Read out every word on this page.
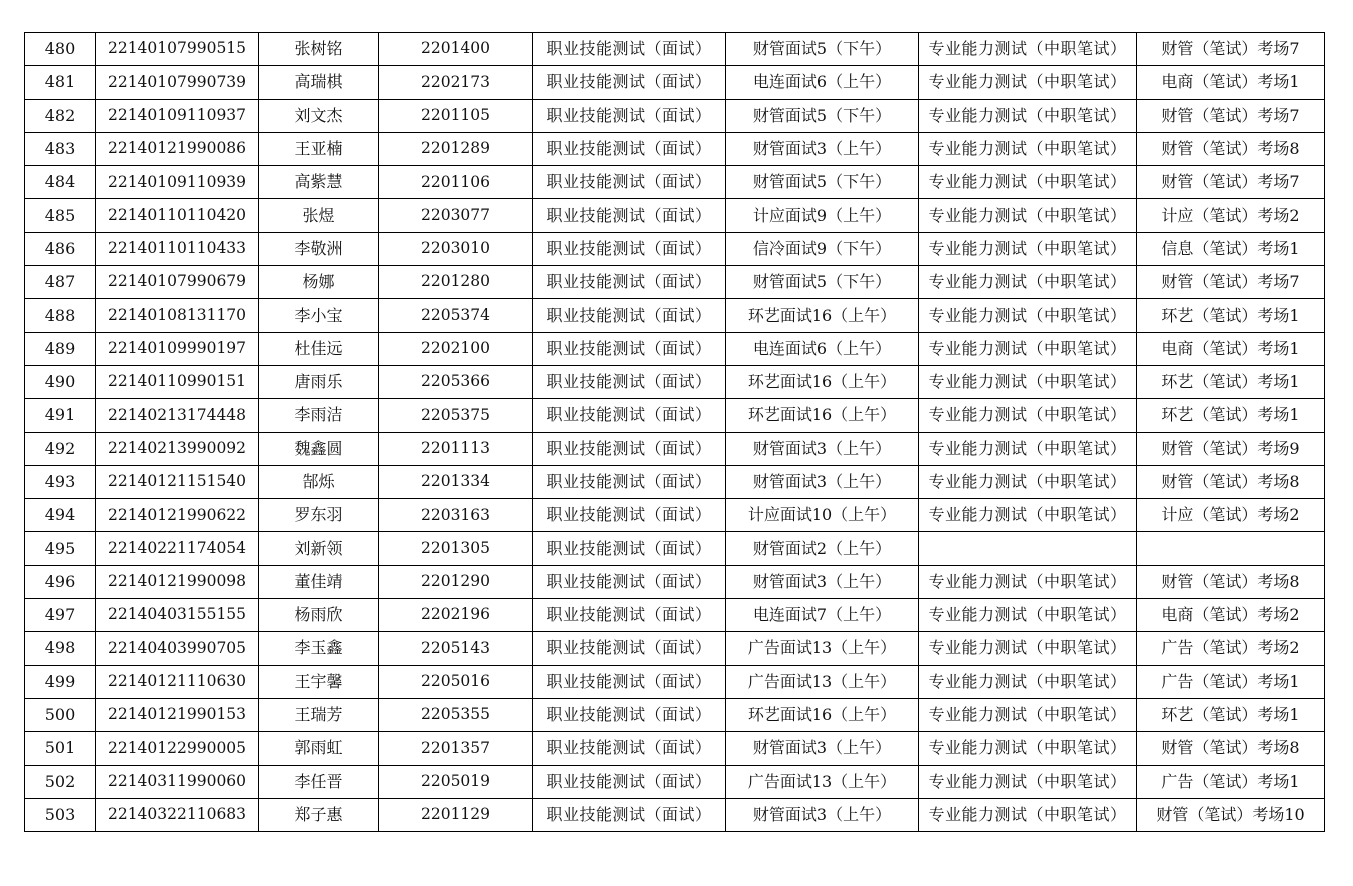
480	22140107990515	张树铭	2201400	职业技能测试（面试）	财管面试5（下午）	专业能力测试（中职笔试）	财管（笔试）考场7
481	22140107990739	高瑞棋	2202173	职业技能测试（面试）	电连面试6（上午）	专业能力测试（中职笔试）	电商（笔试）考场1
482	22140109110937	刘文杰	2201105	职业技能测试（面试）	财管面试5（下午）	专业能力测试（中职笔试）	财管（笔试）考场7
483	22140121990086	王亚楠	2201289	职业技能测试（面试）	财管面试3（上午）	专业能力测试（中职笔试）	财管（笔试）考场8
484	22140109110939	高紫慧	2201106	职业技能测试（面试）	财管面试5（下午）	专业能力测试（中职笔试）	财管（笔试）考场7
485	22140110110420	张煜	2203077	职业技能测试（面试）	计应面试9（上午）	专业能力测试（中职笔试）	计应（笔试）考场2
486	22140110110433	李敬洲	2203010	职业技能测试（面试）	信冷面试9（下午）	专业能力测试（中职笔试）	信息（笔试）考场1
487	22140107990679	杨娜	2201280	职业技能测试（面试）	财管面试5（下午）	专业能力测试（中职笔试）	财管（笔试）考场7
488	22140108131170	李小宝	2205374	职业技能测试（面试）	环艺面试16（上午）	专业能力测试（中职笔试）	环艺（笔试）考场1
489	22140109990197	杜佳远	2202100	职业技能测试（面试）	电连面试6（上午）	专业能力测试（中职笔试）	电商（笔试）考场1
490	22140110990151	唐雨乐	2205366	职业技能测试（面试）	环艺面试16（上午）	专业能力测试（中职笔试）	环艺（笔试）考场1
491	22140213174448	李雨洁	2205375	职业技能测试（面试）	环艺面试16（上午）	专业能力测试（中职笔试）	环艺（笔试）考场1
492	22140213990092	魏鑫圆	2201113	职业技能测试（面试）	财管面试3（上午）	专业能力测试（中职笔试）	财管（笔试）考场9
493	22140121151540	郜烁	2201334	职业技能测试（面试）	财管面试3（上午）	专业能力测试（中职笔试）	财管（笔试）考场8
494	22140121990622	罗东羽	2203163	职业技能测试（面试）	计应面试10（上午）	专业能力测试（中职笔试）	计应（笔试）考场2
495	22140221174054	刘新领	2201305	职业技能测试（面试）	财管面试2（上午）		
496	22140121990098	董佳靖	2201290	职业技能测试（面试）	财管面试3（上午）	专业能力测试（中职笔试）	财管（笔试）考场8
497	22140403155155	杨雨欣	2202196	职业技能测试（面试）	电连面试7（上午）	专业能力测试（中职笔试）	电商（笔试）考场2
498	22140403990705	李玉鑫	2205143	职业技能测试（面试）	广告面试13（上午）	专业能力测试（中职笔试）	广告（笔试）考场2
499	22140121110630	王宇馨	2205016	职业技能测试（面试）	广告面试13（上午）	专业能力测试（中职笔试）	广告（笔试）考场1
500	22140121990153	王瑞芳	2205355	职业技能测试（面试）	环艺面试16（上午）	专业能力测试（中职笔试）	环艺（笔试）考场1
501	22140122990005	郭雨虹	2201357	职业技能测试（面试）	财管面试3（上午）	专业能力测试（中职笔试）	财管（笔试）考场8
502	22140311990060	李任晋	2205019	职业技能测试（面试）	广告面试13（上午）	专业能力测试（中职笔试）	广告（笔试）考场1
503	22140322110683	郑子惠	2201129	职业技能测试（面试）	财管面试3（上午）	专业能力测试（中职笔试）	财管（笔试）考场10
